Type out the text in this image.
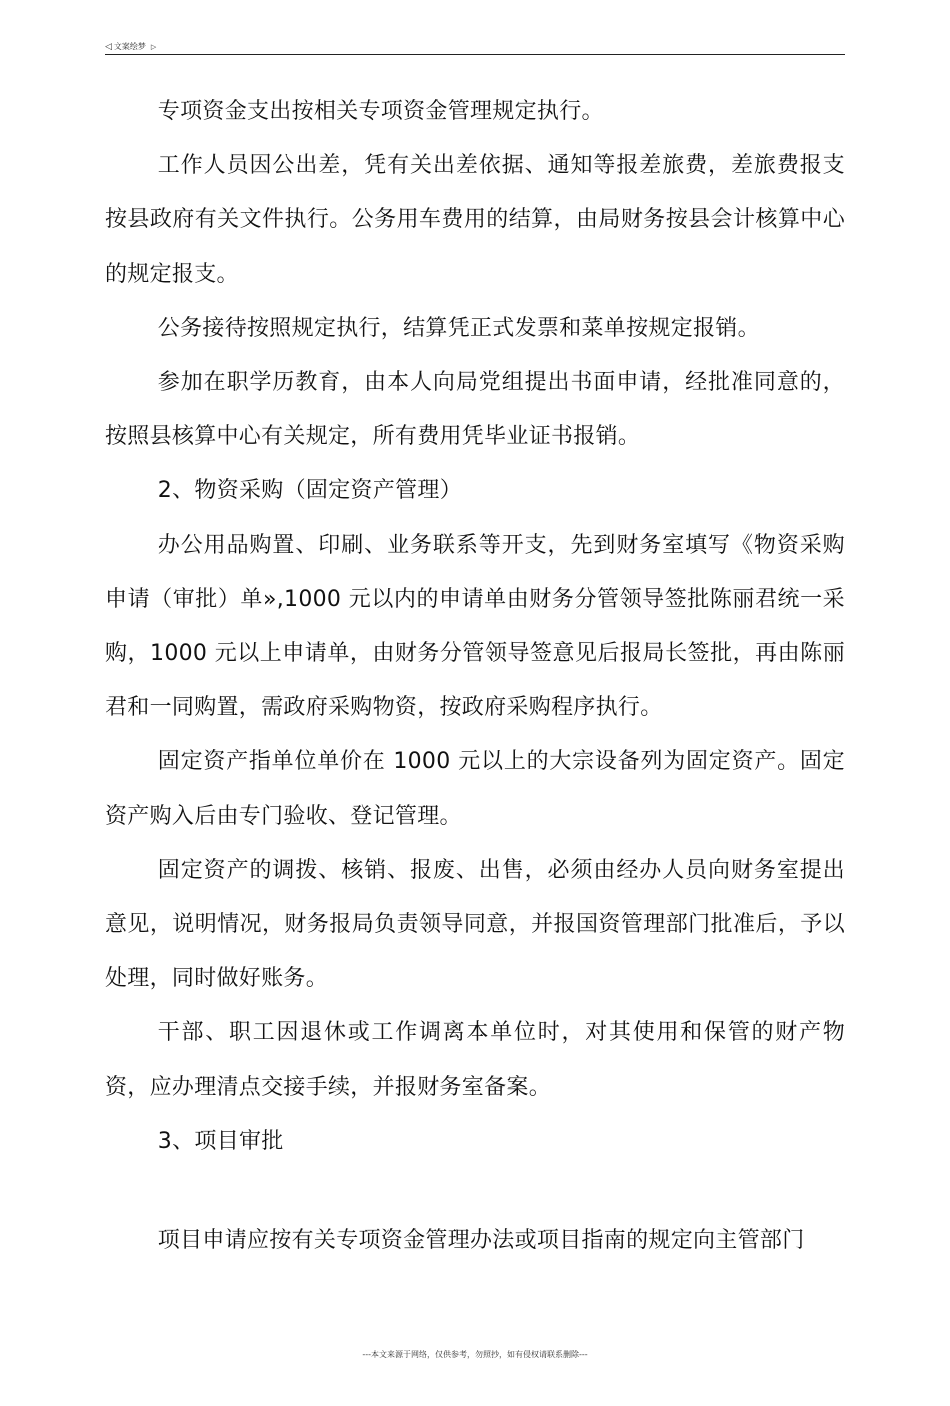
◁ 文案绘梦 ▷

专项资金支出按相关专项资金管理规定执行。

工作人员因公出差，凭有关出差依据、通知等报差旅费，差旅费报支按县政府有关文件执行。公务用车费用的结算，由局财务按县会计核算中心的规定报支。

公务接待按照规定执行，结算凭正式发票和菜单按规定报销。

参加在职学历教育，由本人向局党组提出书面申请，经批准同意的，按照县核算中心有关规定，所有费用凭毕业证书报销。

2、物资采购（固定资产管理）

办公用品购置、印刷、业务联系等开支，先到财务室填写《物资采购申请（审批）单»,1000 元以内的申请单由财务分管领导签批陈丽君统一采购，1000 元以上申请单，由财务分管领导签意见后报局长签批，再由陈丽君和一同购置，需政府采购物资，按政府采购程序执行。

固定资产指单位单价在 1000 元以上的大宗设备列为固定资产。固定资产购入后由专门验收、登记管理。

固定资产的调拨、核销、报废、出售，必须由经办人员向财务室提出意见，说明情况，财务报局负责领导同意，并报国资管理部门批准后，予以处理，同时做好账务。

干部、职工因退休或工作调离本单位时，对其使用和保管的财产物资，应办理清点交接手续，并报财务室备案。

3、项目审批

项目申请应按有关专项资金管理办法或项目指南的规定向主管部门

---本文来源于网络，仅供参考，勿照抄，如有侵权请联系删除---
